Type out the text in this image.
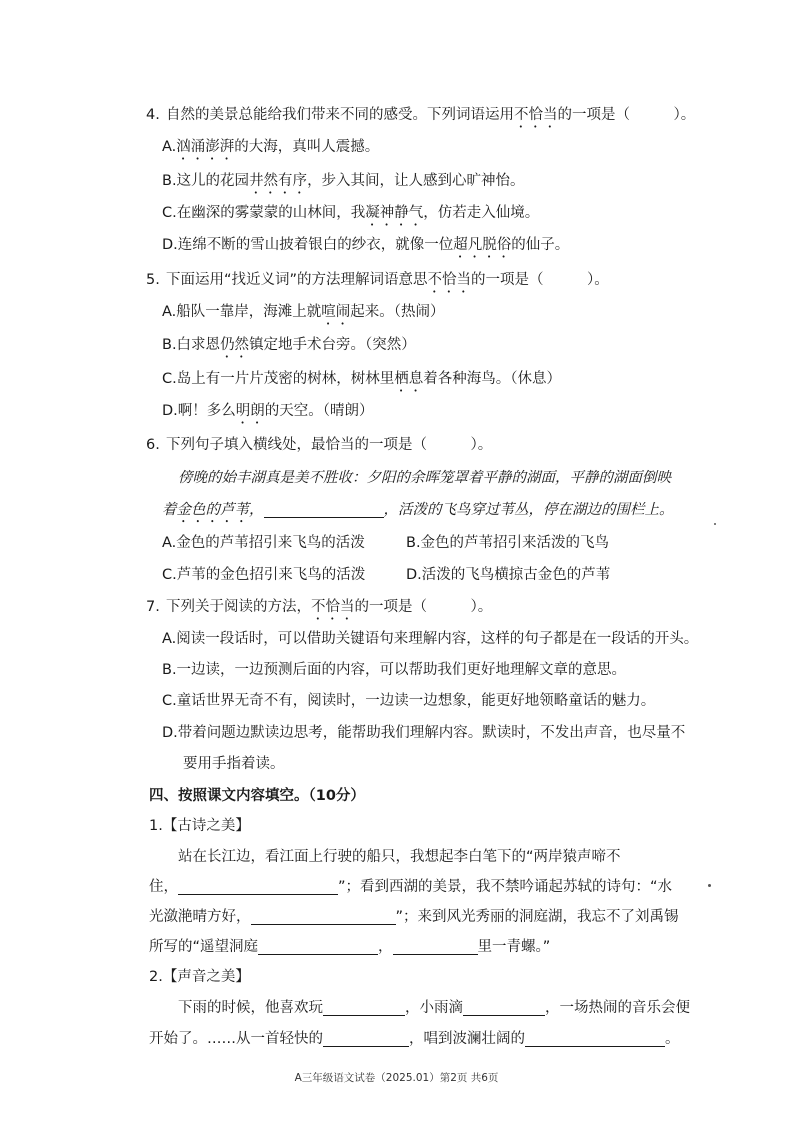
4. 自然的美景总能给我们带来不同的感受。下列词语运用不恰当的一项是（　　　）。
A.汹涌澎湃的大海，真叫人震撼。
B.这儿的花园井然有序，步入其间，让人感到心旷神怡。
C.在幽深的雾蒙蒙的山林间，我凝神静气，仿若走入仙境。
D.连绵不断的雪山披着银白的纱衣，就像一位超凡脱俗的仙子。
5. 下面运用“找近义词”的方法理解词语意思不恰当的一项是（　　　）。
A.船队一靠岸，海滩上就喧闹起来。（热闹）
B.白求恩仍然镇定地手术台旁。（突然）
C.岛上有一片片茂密的树林，树林里栖息着各种海鸟。（休息）
D.啊！多么明朗的天空。（晴朗）
6. 下列句子填入横线处，最恰当的一项是（　　　）。
傍晚的始丰湖真是美不胜收：夕阳的余晖笼罩着平静的湖面，平静的湖面倒映
着金色的芦苇，	，活泼的飞鸟穿过苇丛，停在湖边的围栏上。
A.金色的芦苇招引来飞鸟的活泼	B.金色的芦苇招引来活泼的飞鸟
C.芦苇的金色招引来飞鸟的活泼	D.活泼的飞鸟横掠古金色的芦苇
7. 下列关于阅读的方法，不恰当的一项是（　　　）。
A.阅读一段话时，可以借助关键语句来理解内容，这样的句子都是在一段话的开头。
B.一边读，一边预测后面的内容，可以帮助我们更好地理解文章的意思。
C.童话世界无奇不有，阅读时，一边读一边想象，能更好地领略童话的魅力。
D.带着问题边默读边思考，能帮助我们理解内容。默读时，不发出声音，也尽量不
要用手指着读。
四、按照课文内容填空。（10分）
1.【古诗之美】
站在长江边，看江面上行驶的船只，我想起李白笔下的“两岸猿声啼不
住，	”；看到西湖的美景，我不禁吟诵起苏轼的诗句：“水
光潋滟晴方好，	”；来到风光秀丽的洞庭湖，我忘不了刘禹锡
所写的“遥望洞庭	，	里一青螺。”
2.【声音之美】
下雨的时候，他喜欢玩	，小雨滴	，一场热闹的音乐会便
开始了。……从一首轻快的	，唱到波澜壮阔的	。
A三年级语文试卷（2025.01）第2页 共6页
